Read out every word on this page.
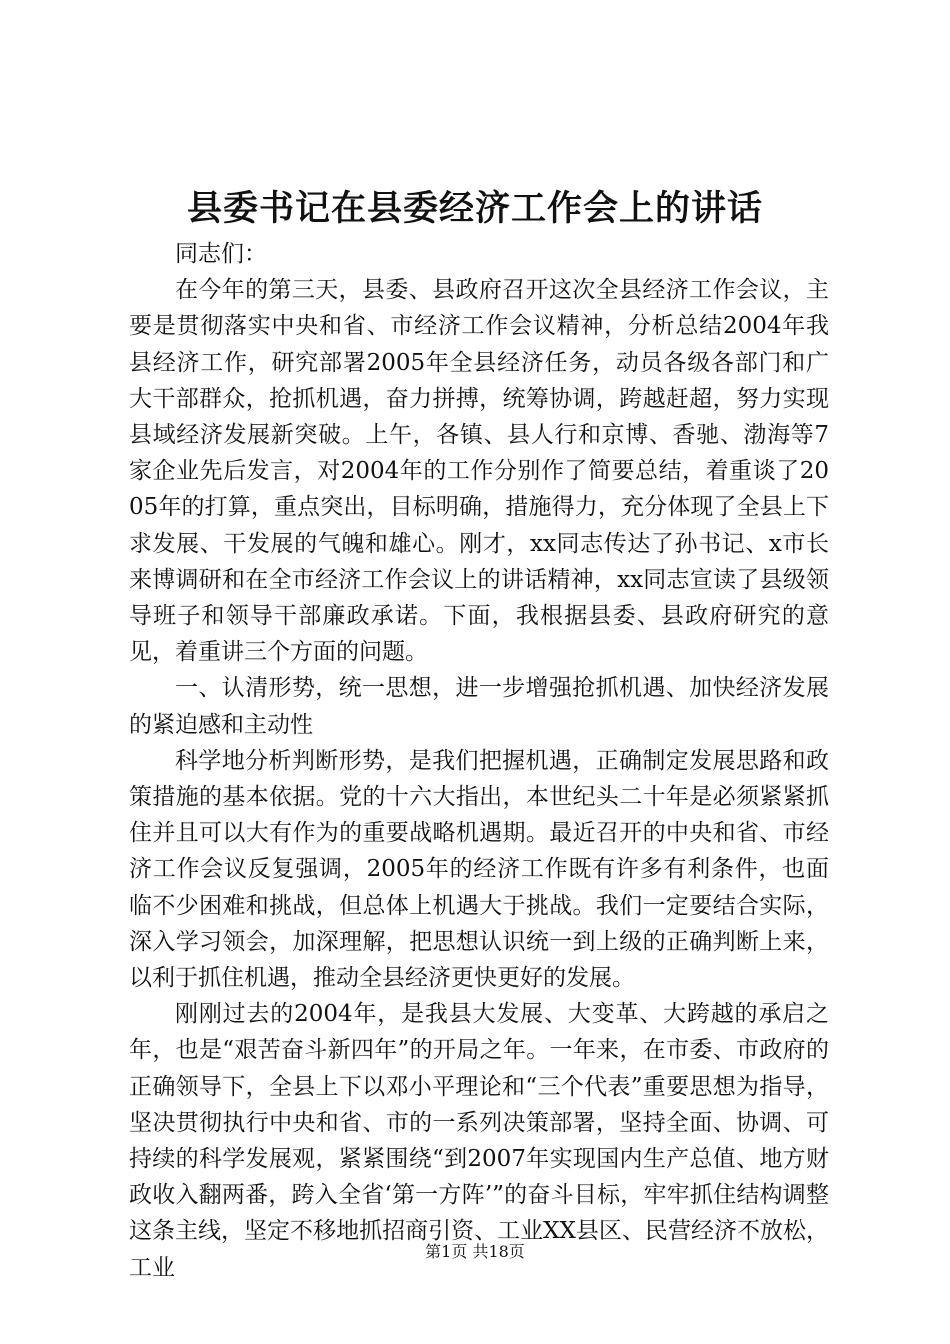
县委书记在县委经济工作会上的讲话

同志们：

在今年的第三天，县委、县政府召开这次全县经济工作会议，主要是贯彻落实中央和省、市经济工作会议精神，分析总结2004年我县经济工作，研究部署2005年全县经济任务，动员各级各部门和广大干部群众，抢抓机遇，奋力拼搏，统筹协调，跨越赶超，努力实现县域经济发展新突破。上午，各镇、县人行和京博、香驰、渤海等7家企业先后发言，对2004年的工作分别作了简要总结，着重谈了2005年的打算，重点突出，目标明确，措施得力，充分体现了全县上下求发展、干发展的气魄和雄心。刚才，xx同志传达了孙书记、x市长来博调研和在全市经济工作会议上的讲话精神，xx同志宣读了县级领导班子和领导干部廉政承诺。下面，我根据县委、县政府研究的意见，着重讲三个方面的问题。

一、认清形势，统一思想，进一步增强抢抓机遇、加快经济发展的紧迫感和主动性

科学地分析判断形势，是我们把握机遇，正确制定发展思路和政策措施的基本依据。党的十六大指出，本世纪头二十年是必须紧紧抓住并且可以大有作为的重要战略机遇期。最近召开的中央和省、市经济工作会议反复强调，2005年的经济工作既有许多有利条件，也面临不少困难和挑战，但总体上机遇大于挑战。我们一定要结合实际，深入学习领会，加深理解，把思想认识统一到上级的正确判断上来，以利于抓住机遇，推动全县经济更快更好的发展。

刚刚过去的2004年，是我县大发展、大变革、大跨越的承启之年，也是“艰苦奋斗新四年”的开局之年。一年来，在市委、市政府的正确领导下，全县上下以邓小平理论和“三个代表”重要思想为指导，坚决贯彻执行中央和省、市的一系列决策部署，坚持全面、协调、可持续的科学发展观，紧紧围绕“到2007年实现国内生产总值、地方财政收入翻两番，跨入全省‘第一方阵’”的奋斗目标，牢牢抓住结构调整这条主线，坚定不移地抓招商引资、工业XX县区、民营经济不放松，工业

第1页 共18页
